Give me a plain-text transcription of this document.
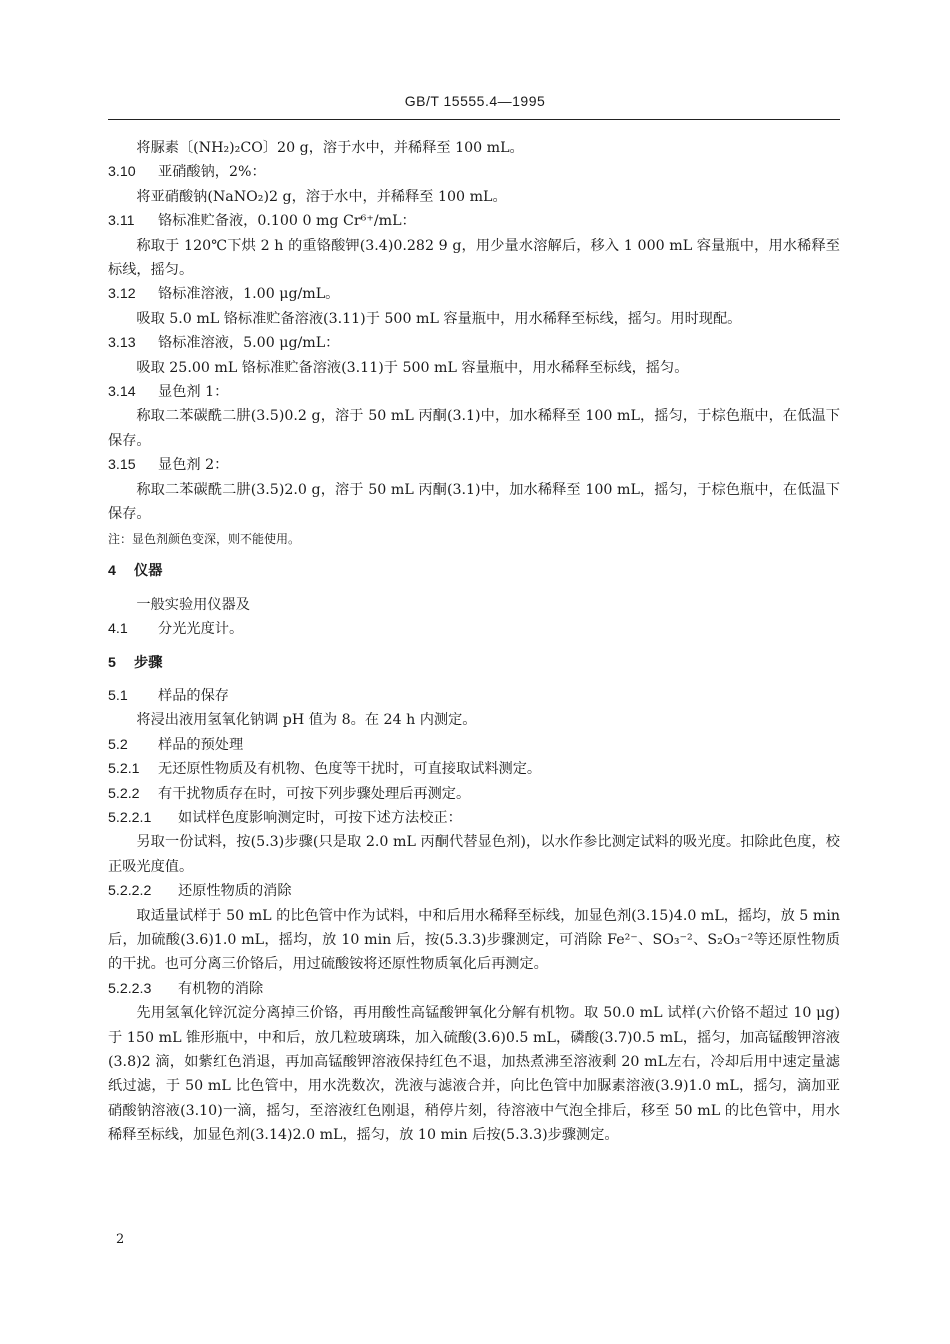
GB/T 15555.4—1995
将脲素〔(NH₂)₂CO〕20 g，溶于水中，并稀释至 100 mL。
3.10 亚硝酸钠，2%：
将亚硝酸钠(NaNO₂)2 g，溶于水中，并稀释至 100 mL。
3.11 铬标准贮备液，0.100 0 mg Cr⁶⁺/mL：
称取于 120℃下烘 2 h 的重铬酸钾(3.4)0.282 9 g，用少量水溶解后，移入 1 000 mL 容量瓶中，用水稀释至标线，摇匀。
3.12 铬标准溶液，1.00 μg/mL。
吸取 5.0 mL 铬标准贮备溶液(3.11)于 500 mL 容量瓶中，用水稀释至标线，摇匀。用时现配。
3.13 铬标准溶液，5.00 μg/mL：
吸取 25.00 mL 铬标准贮备溶液(3.11)于 500 mL 容量瓶中，用水稀释至标线，摇匀。
3.14 显色剂 1：
称取二苯碳酰二肼(3.5)0.2 g，溶于 50 mL 丙酮(3.1)中，加水稀释至 100 mL，摇匀，于棕色瓶中，在低温下保存。
3.15 显色剂 2：
称取二苯碳酰二肼(3.5)2.0 g，溶于 50 mL 丙酮(3.1)中，加水稀释至 100 mL，摇匀，于棕色瓶中，在低温下保存。
注：显色剂颜色变深，则不能使用。
4 仪器
一般实验用仪器及
4.1 分光光度计。
5 步骤
5.1 样品的保存
将浸出液用氢氧化钠调 pH 值为 8。在 24 h 内测定。
5.2 样品的预处理
5.2.1 无还原性物质及有机物、色度等干扰时，可直接取试料测定。
5.2.2 有干扰物质存在时，可按下列步骤处理后再测定。
5.2.2.1 如试样色度影响测定时，可按下述方法校正：
另取一份试料，按(5.3)步骤(只是取 2.0 mL 丙酮代替显色剂)，以水作参比测定试料的吸光度。扣除此色度，校正吸光度值。
5.2.2.2 还原性物质的消除
取适量试样于 50 mL 的比色管中作为试料，中和后用水稀释至标线，加显色剂(3.15)4.0 mL，摇均，放 5 min 后，加硫酸(3.6)1.0 mL，摇均，放 10 min 后，按(5.3.3)步骤测定，可消除 Fe²⁻、SO₃⁻²、S₂O₃⁻²等还原性物质的干扰。也可分离三价铬后，用过硫酸铵将还原性物质氧化后再测定。
5.2.2.3 有机物的消除
先用氢氧化锌沉淀分离掉三价铬，再用酸性高锰酸钾氧化分解有机物。取 50.0 mL 试样(六价铬不超过 10 μg)于 150 mL 锥形瓶中，中和后，放几粒玻璃珠，加入硫酸(3.6)0.5 mL，磷酸(3.7)0.5 mL，摇匀，加高锰酸钾溶液(3.8)2 滴，如紫红色消退，再加高锰酸钾溶液保持红色不退，加热煮沸至溶液剩 20 mL左右，冷却后用中速定量滤纸过滤，于 50 mL 比色管中，用水洗数次，洗液与滤液合并，向比色管中加脲素溶液(3.9)1.0 mL，摇匀，滴加亚硝酸钠溶液(3.10)一滴，摇匀，至溶液红色刚退，稍停片刻，待溶液中气泡全排后，移至 50 mL 的比色管中，用水稀释至标线，加显色剂(3.14)2.0 mL，摇匀，放 10 min 后按(5.3.3)步骤测定。
2
